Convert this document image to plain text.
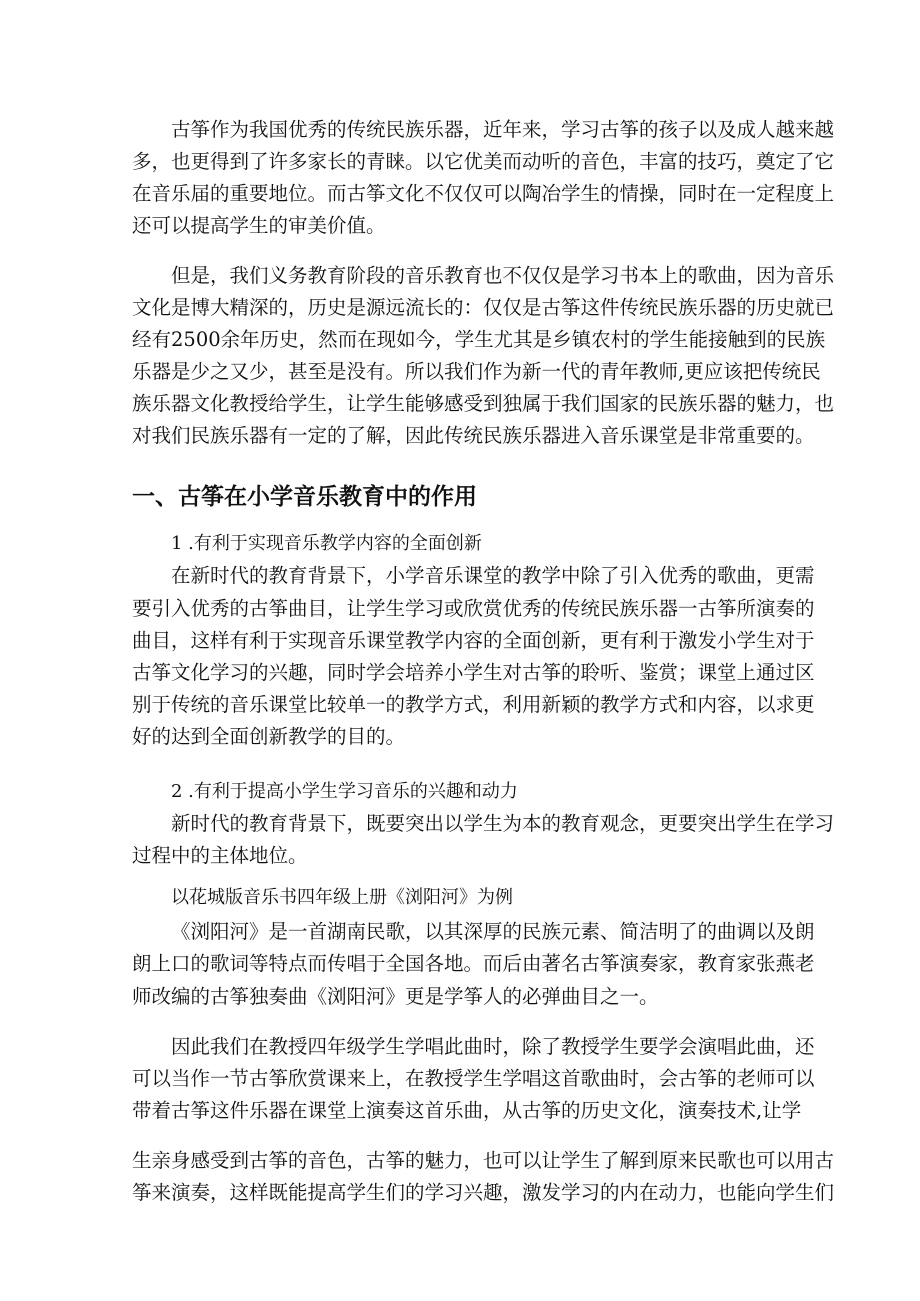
古筝作为我国优秀的传统民族乐器，近年来，学习古筝的孩子以及成人越来越
多，也更得到了许多家长的青睐。以它优美而动听的音色，丰富的技巧，奠定了它
在音乐届的重要地位。而古筝文化不仅仅可以陶冶学生的情操，同时在一定程度上
还可以提高学生的审美价值。
但是，我们义务教育阶段的音乐教育也不仅仅是学习书本上的歌曲，因为音乐
文化是博大精深的，历史是源远流长的：仅仅是古筝这件传统民族乐器的历史就已
经有2500余年历史，然而在现如今，学生尤其是乡镇农村的学生能接触到的民族
乐器是少之又少，甚至是没有。所以我们作为新一代的青年教师,更应该把传统民
族乐器文化教授给学生，让学生能够感受到独属于我们国家的民族乐器的魅力，也
对我们民族乐器有一定的了解，因此传统民族乐器进入音乐课堂是非常重要的。
一、古筝在小学音乐教育中的作用
1 .有利于实现音乐教学内容的全面创新
在新时代的教育背景下，小学音乐课堂的教学中除了引入优秀的歌曲，更需
要引入优秀的古筝曲目，让学生学习或欣赏优秀的传统民族乐器一古筝所演奏的
曲目，这样有利于实现音乐课堂教学内容的全面创新，更有利于激发小学生对于
古筝文化学习的兴趣，同时学会培养小学生对古筝的聆听、鉴赏；课堂上通过区
别于传统的音乐课堂比较单一的教学方式，利用新颖的教学方式和内容，以求更
好的达到全面创新教学的目的。
2 .有利于提高小学生学习音乐的兴趣和动力
新时代的教育背景下，既要突出以学生为本的教育观念，更要突出学生在学习
过程中的主体地位。
以花城版音乐书四年级上册《浏阳河》为例
《浏阳河》是一首湖南民歌，以其深厚的民族元素、简洁明了的曲调以及朗
朗上口的歌词等特点而传唱于全国各地。而后由著名古筝演奏家，教育家张燕老
师改编的古筝独奏曲《浏阳河》更是学筝人的必弹曲目之一。
因此我们在教授四年级学生学唱此曲时，除了教授学生要学会演唱此曲，还
可以当作一节古筝欣赏课来上，在教授学生学唱这首歌曲时，会古筝的老师可以
带着古筝这件乐器在课堂上演奏这首乐曲，从古筝的历史文化，演奏技术,让学
生亲身感受到古筝的音色，古筝的魅力，也可以让学生了解到原来民歌也可以用古
筝来演奏，这样既能提高学生们的学习兴趣，激发学习的内在动力，也能向学生们
